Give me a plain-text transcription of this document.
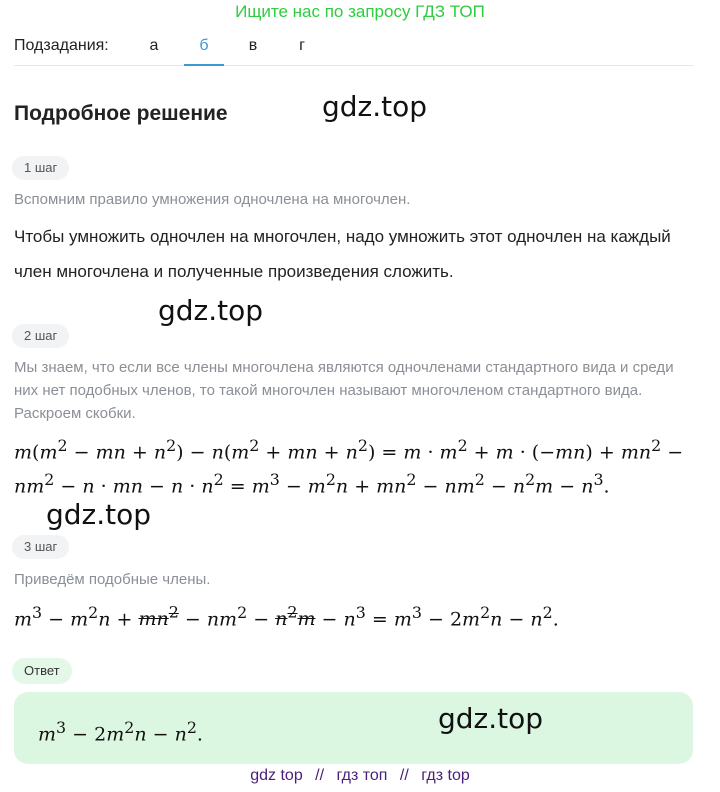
Ищите нас по запросу ГДЗ ТОП
Подзадания:	а	б	в	г
Подробное решение	gdz.top
gdz.top
gdz.top
gdz.top
1 шаг
Вспомним правило умножения одночлена на многочлен.
Чтобы умножить одночлен на многочлен, надо умножить этот одночлен на каждый член многочлена и полученные произведения сложить.
2 шаг
Мы знаем, что если все члены многочлена являются одночленами стандартного вида и среди них нет подобных членов, то такой многочлен называют многочленом стандартного вида. Раскроем скобки.
$m(m^2$ − mn + $n^2) - n(m^2$ + mn + $n^2) = m \cdot m^2 + m \cdot (-mn) + mn^2$ −
$nm^2 - n$ · mn − $n \cdot n^2 = m^3 - m^2n + mn^2 - nm^2 - n^2m - n^3$.
3 шаг
Приведём подобные члены.
$m^3 - m^2n + mn^2 - nm^2 - n^2m - n^3 = m^3 - 2m^2n - n^2$.
Ответ
$m^3 - 2m^2n - n^2$.
gdz top // гдз топ // гдз top
